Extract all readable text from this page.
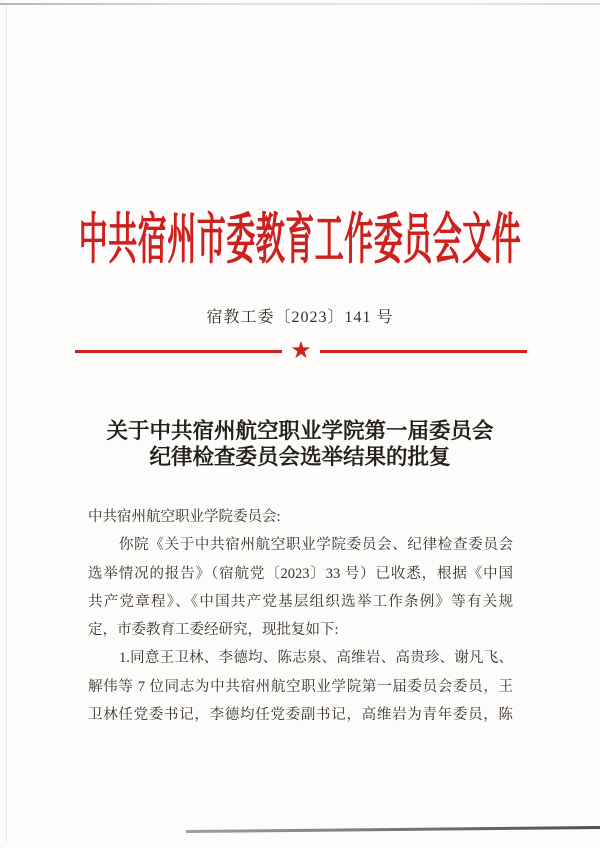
中共宿州市委教育工作委员会文件
宿教工委〔2023〕141 号
★
关于中共宿州航空职业学院第一届委员会
纪律检查委员会选举结果的批复
中共宿州航空职业学院委员会:
你院《关于中共宿州航空职业学院委员会、纪律检查委员会
选举情况的报告》（宿航党〔2023〕33 号）已收悉，根据《中国
共产党章程》、《中国共产党基层组织选举工作条例》等有关规
定，市委教育工委经研究，现批复如下:
1.同意王卫林、李德均、陈志泉、高维岩、高贵珍、谢凡飞、
解伟等 7 位同志为中共宿州航空职业学院第一届委员会委员，王
卫林任党委书记，李德均任党委副书记，高维岩为青年委员，陈
